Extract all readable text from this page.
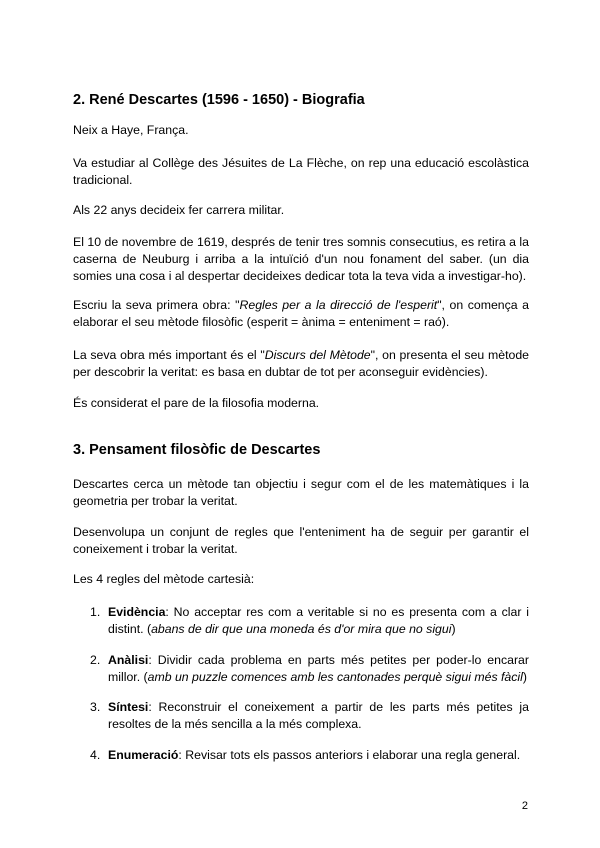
2. René Descartes (1596 - 1650) - Biografia

Neix a Haye, França.

Va estudiar al Collège des Jésuites de La Flèche, on rep una educació escolàstica tradicional.

Als 22 anys decideix fer carrera militar.

El 10 de novembre de 1619, després de tenir tres somnis consecutius, es retira a la caserna de Neuburg i arriba a la intuïció d'un nou fonament del saber. (un dia somies una cosa i al despertar decideixes dedicar tota la teva vida a investigar-ho).

Escriu la seva primera obra: "Regles per a la direcció de l'esperit", on comença a elaborar el seu mètode filosòfic (esperit = ànima = enteniment = raó).

La seva obra més important és el "Discurs del Mètode", on presenta el seu mètode per descobrir la veritat: es basa en dubtar de tot per aconseguir evidències).

És considerat el pare de la filosofia moderna.

3. Pensament filosòfic de Descartes

Descartes cerca un mètode tan objectiu i segur com el de les matemàtiques i la geometria per trobar la veritat.

Desenvolupa un conjunt de regles que l'enteniment ha de seguir per garantir el coneixement i trobar la veritat.

Les 4 regles del mètode cartesià:

1. Evidència: No acceptar res com a veritable si no es presenta com a clar i distint. (abans de dir que una moneda és d'or mira que no sigui)
2. Anàlisi: Dividir cada problema en parts més petites per poder-lo encarar millor. (amb un puzzle comences amb les cantonades perquè sigui més fàcil)
3. Síntesi: Reconstruir el coneixement a partir de les parts més petites ja resoltes de la més sencilla a la més complexa.
4. Enumeració: Revisar tots els passos anteriors i elaborar una regla general.
2
